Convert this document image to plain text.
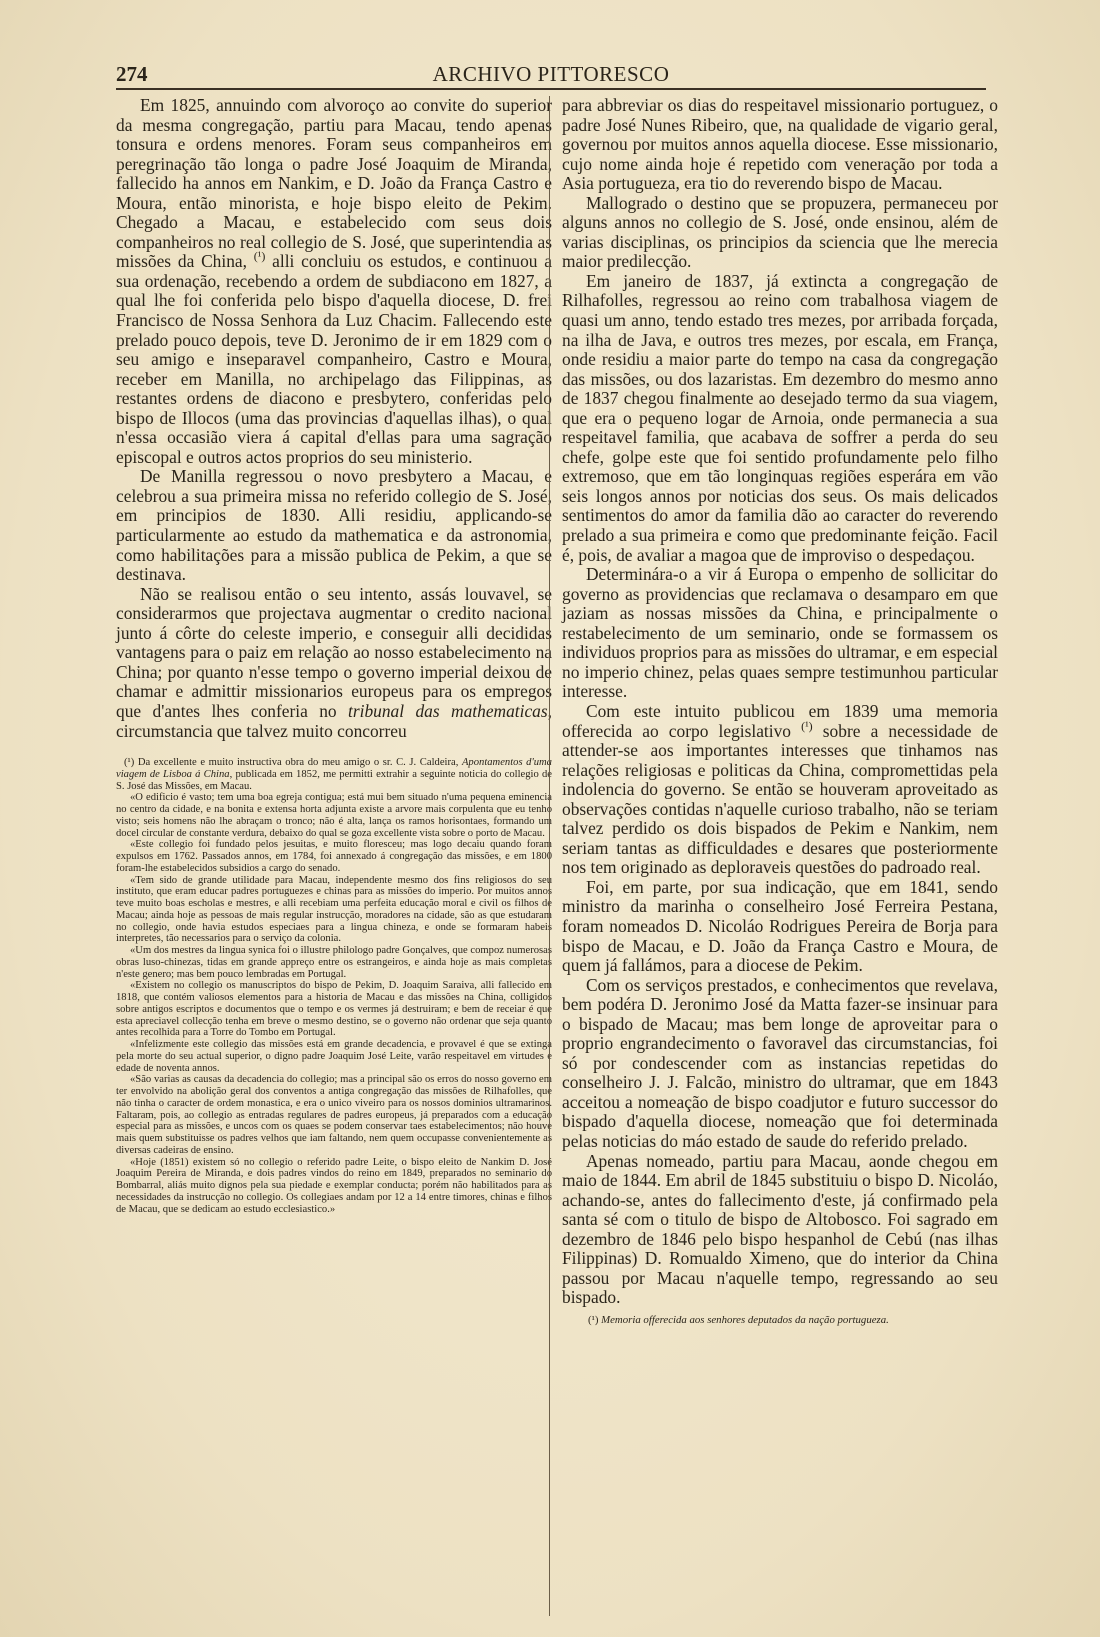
274	ARCHIVO PITTORESCO

Em 1825, annuindo com alvoroço ao convite do superior da mesma congregação, partiu para Macau, tendo apenas tonsura e ordens menores. Foram seus companheiros em peregrinação tão longa o padre José Joaquim de Miranda, fallecido ha annos em Nankim, e D. João da França Castro e Moura, então minorista, e hoje bispo eleito de Pekim. Chegado a Macau, e estabelecido com seus dois companheiros no real collegio de S. José, que superintendia as missões da China, $^{(^1)}$ alli concluiu os estudos, e continuou a sua ordenação, recebendo a ordem de subdiacono em 1827, a qual lhe foi conferida pelo bispo d'aquella diocese, D. frei Francisco de Nossa Senhora da Luz Chacim. Fallecendo este prelado pouco depois, teve D. Jeronimo de ir em 1829 com o seu amigo e inseparavel companheiro, Castro e Moura, receber em Manilla, no archipelago das Filippinas, as restantes ordens de diacono e presbytero, conferidas pelo bispo de Illocos (uma das provincias d'aquellas ilhas), o qual n'essa occasião viera á capital d'ellas para uma sagração episcopal e outros actos proprios do seu ministerio.

De Manilla regressou o novo presbytero a Macau, e celebrou a sua primeira missa no referido collegio de S. José, em principios de 1830. Alli residiu, applicando-se particularmente ao estudo da mathematica e da astronomia, como habilitações para a missão publica de Pekim, a que se destinava.

Não se realisou então o seu intento, assás louvavel, se considerarmos que projectava augmentar o credito nacional junto á côrte do celeste imperio, e conseguir alli decididas vantagens para o paiz em relação ao nosso estabelecimento na China; por quanto n'esse tempo o governo imperial deixou de chamar e admittir missionarios europeus para os empregos que d'antes lhes conferia no tribunal das mathematicas, circumstancia que talvez muito concorreu

(¹) Da excellente e muito instructiva obra do meu amigo o sr. C. J. Caldeira, Apontamentos d'uma viagem de Lisboa á China, publicada em 1852, me permitti extrahir a seguinte noticia do collegio de S. José das Missões, em Macau.

«O edificio é vasto; tem uma boa egreja contigua; está mui bem situado n'uma pequena eminencia no centro da cidade, e na bonita e extensa horta adjunta existe a arvore mais corpulenta que eu tenho visto; seis homens não lhe abraçam o tronco; não é alta, lança os ramos horisontaes, formando um docel circular de constante verdura, debaixo do qual se goza excellente vista sobre o porto de Macau.

«Este collegio foi fundado pelos jesuitas, e muito floresceu; mas logo decaiu quando foram expulsos em 1762. Passados annos, em 1784, foi annexado á congregação das missões, e em 1800 foram-lhe estabelecidos subsidios a cargo do senado.

«Tem sido de grande utilidade para Macau, independente mesmo dos fins religiosos do seu instituto, que eram educar padres portuguezes e chinas para as missões do imperio. Por muitos annos teve muito boas escholas e mestres, e alli recebiam uma perfeita educação moral e civil os filhos de Macau; ainda hoje as pessoas de mais regular instrucção, moradores na cidade, são as que estudaram no collegio, onde havia estudos especiaes para a lingua chineza, e onde se formaram habeis interpretes, tão necessarios para o serviço da colonia.

«Um dos mestres da lingua synica foi o illustre philologo padre Gonçalves, que compoz numerosas obras luso-chinezas, tidas em grande appreço entre os estrangeiros, e ainda hoje as mais completas n'este genero; mas bem pouco lembradas em Portugal.

«Existem no collegio os manuscriptos do bispo de Pekim, D. Joaquim Saraiva, alli fallecido em 1818, que contém valiosos elementos para a historia de Macau e das missões na China, colligidos sobre antigos escriptos e documentos que o tempo e os vermes já destruiram; e bem de receiar é que esta apreciavel collecção tenha em breve o mesmo destino, se o governo não ordenar que seja quanto antes recolhida para a Torre do Tombo em Portugal.

«Infelizmente este collegio das missões está em grande decadencia, e provavel é que se extinga pela morte do seu actual superior, o digno padre Joaquim José Leite, varão respeitavel em virtudes e edade de noventa annos.

«São varias as causas da decadencia do collegio; mas a principal são os erros do nosso governo em ter envolvido na abolição geral dos conventos a antiga congregação das missões de Rilhafolles, que não tinha o caracter de ordem monastica, e era o unico viveiro para os nossos dominios ultramarinos. Faltaram, pois, ao collegio as entradas regulares de padres europeus, já preparados com a educação especial para as missões, e uncos com os quaes se podem conservar taes estabelecimentos; não houve mais quem substituisse os padres velhos que iam faltando, nem quem occupasse convenientemente as diversas cadeiras de ensino.

«Hoje (1851) existem só no collegio o referido padre Leite, o bispo eleito de Nankim D. José Joaquim Pereira de Miranda, e dois padres vindos do reino em 1849, preparados no seminario do Bombarral, aliás muito dignos pela sua piedade e exemplar conducta; porém não habilitados para as necessidades da instrucção no collegio. Os collegiaes andam por 12 a 14 entre timores, chinas e filhos de Macau, que se dedicam ao estudo ecclesiastico.»

para abbreviar os dias do respeitavel missionario portuguez, o padre José Nunes Ribeiro, que, na qualidade de vigario geral, governou por muitos annos aquella diocese. Esse missionario, cujo nome ainda hoje é repetido com veneração por toda a Asia portugueza, era tio do reverendo bispo de Macau.

Mallogrado o destino que se propuzera, permaneceu por alguns annos no collegio de S. José, onde ensinou, além de varias disciplinas, os principios da sciencia que lhe merecia maior predilecção.

Em janeiro de 1837, já extincta a congregação de Rilhafolles, regressou ao reino com trabalhosa viagem de quasi um anno, tendo estado tres mezes, por arribada forçada, na ilha de Java, e outros tres mezes, por escala, em França, onde residiu a maior parte do tempo na casa da congregação das missões, ou dos lazaristas. Em dezembro do mesmo anno de 1837 chegou finalmente ao desejado termo da sua viagem, que era o pequeno logar de Arnoia, onde permanecia a sua respeitavel familia, que acabava de soffrer a perda do seu chefe, golpe este que foi sentido profundamente pelo filho extremoso, que em tão longinquas regiões esperára em vão seis longos annos por noticias dos seus. Os mais delicados sentimentos do amor da familia dão ao caracter do reverendo prelado a sua primeira e como que predominante feição. Facil é, pois, de avaliar a magoa que de improviso o despedaçou.

Determinára-o a vir á Europa o empenho de sollicitar do governo as providencias que reclamava o desamparo em que jaziam as nossas missões da China, e principalmente o restabelecimento de um seminario, onde se formassem os individuos proprios para as missões do ultramar, e em especial no imperio chinez, pelas quaes sempre testimunhou particular interesse.

Com este intuito publicou em 1839 uma memoria offerecida ao corpo legislativo $^{(^1)}$ sobre a necessidade de attender-se aos importantes interesses que tinhamos nas relações religiosas e politicas da China, compromettidas pela indolencia do governo. Se então se houveram aproveitado as observações contidas n'aquelle curioso trabalho, não se teriam talvez perdido os dois bispados de Pekim e Nankim, nem seriam tantas as difficuldades e desares que posteriormente nos tem originado as deploraveis questões do padroado real.

Foi, em parte, por sua indicação, que em 1841, sendo ministro da marinha o conselheiro José Ferreira Pestana, foram nomeados D. Nicoláo Rodrigues Pereira de Borja para bispo de Macau, e D. João da França Castro e Moura, de quem já fallámos, para a diocese de Pekim.

Com os serviços prestados, e conhecimentos que revelava, bem podéra D. Jeronimo José da Matta fazer-se insinuar para o bispado de Macau; mas bem longe de aproveitar para o proprio engrandecimento o favoravel das circumstancias, foi só por condescender com as instancias repetidas do conselheiro J. J. Falcão, ministro do ultramar, que em 1843 acceitou a nomeação de bispo coadjutor e futuro successor do bispado d'aquella diocese, nomeação que foi determinada pelas noticias do máo estado de saude do referido prelado.

Apenas nomeado, partiu para Macau, aonde chegou em maio de 1844. Em abril de 1845 substituiu o bispo D. Nicoláo, achando-se, antes do fallecimento d'este, já confirmado pela santa sé com o titulo de bispo de Altobosco. Foi sagrado em dezembro de 1846 pelo bispo hespanhol de Cebú (nas ilhas Filippinas) D. Romualdo Ximeno, que do interior da China passou por Macau n'aquelle tempo, regressando ao seu bispado.

(¹) Memoria offerecida aos senhores deputados da nação portugueza.
